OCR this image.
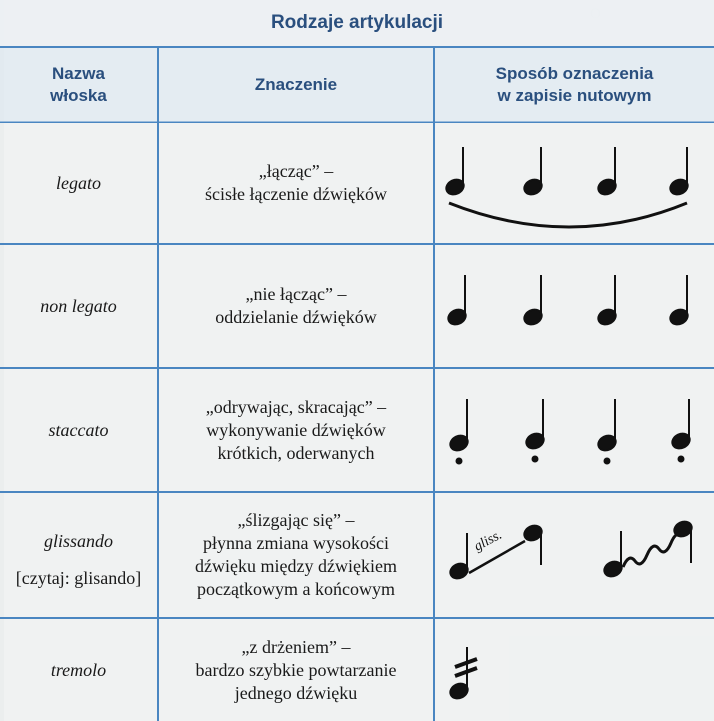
Rodzaje artykulacji
Nazwa
włoska
Znaczenie
Sposób oznaczenia
w zapisie nutowym
legato
„łącząc” –
ścisłe łączenie dźwięków
non legato
„nie łącząc” –
oddzielanie dźwięków
staccato
„odrywając, skracając” –
wykonywanie dźwięków
krótkich, oderwanych
glissando
[czytaj: glisando]
„ślizgając się” –
płynna zmiana wysokości
dźwięku między dźwiękiem
początkowym a końcowym
gliss.
tremolo
„z drżeniem” –
bardzo szybkie powtarzanie
jednego dźwięku
